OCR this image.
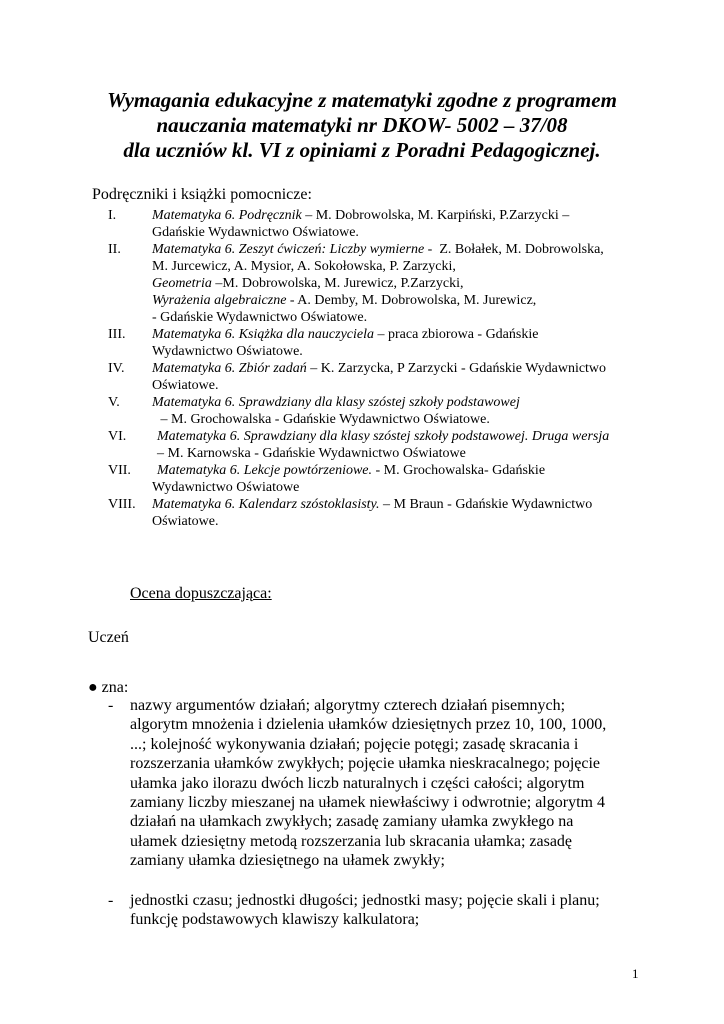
Wymagania edukacyjne z matematyki zgodne z programem
nauczania matematyki nr DKOW- 5002 – 37/08
dla uczniów kl. VI z opiniami z Poradni Pedagogicznej.
Podręczniki i książki pomocnicze:
I.	Matematyka 6. Podręcznik – M. Dobrowolska, M. Karpiński, P.Zarzycki –
Gdańskie Wydawnictwo Oświatowe.
II.	Matematyka 6. Zeszyt ćwiczeń: Liczby wymierne -  Z. Bołałek, M. Dobrowolska,
M. Jurcewicz, A. Mysior, A. Sokołowska, P. Zarzycki,
Geometria –M. Dobrowolska, M. Jurewicz, P.Zarzycki,
Wyrażenia algebraiczne - A. Demby, M. Dobrowolska, M. Jurewicz,
- Gdańskie Wydawnictwo Oświatowe.
III.	Matematyka 6. Książka dla nauczyciela – praca zbiorowa - Gdańskie
Wydawnictwo Oświatowe.
IV.	Matematyka 6. Zbiór zadań – K. Zarzycka, P Zarzycki - Gdańskie Wydawnictwo
Oświatowe.
V.	Matematyka 6. Sprawdziany dla klasy szóstej szkoły podstawowej
– M. Grochowalska - Gdańskie Wydawnictwo Oświatowe.
VI.	Matematyka 6. Sprawdziany dla klasy szóstej szkoły podstawowej. Druga wersja
– M. Karnowska - Gdańskie Wydawnictwo Oświatowe
VII.	Matematyka 6. Lekcje powtórzeniowe. - M. Grochowalska- Gdańskie
Wydawnictwo Oświatowe
VIII.	Matematyka 6. Kalendarz szóstoklasisty. – M Braun - Gdańskie Wydawnictwo
Oświatowe.
Ocena dopuszczająca:
Uczeń
● zna:
-	nazwy argumentów działań; algorytmy czterech działań pisemnych;
algorytm mnożenia i dzielenia ułamków dziesiętnych przez 10, 100, 1000,
...; kolejność wykonywania działań; pojęcie potęgi; zasadę skracania i
rozszerzania ułamków zwykłych; pojęcie ułamka nieskracalnego; pojęcie
ułamka jako ilorazu dwóch liczb naturalnych i części całości; algorytm
zamiany liczby mieszanej na ułamek niewłaściwy i odwrotnie; algorytm 4
działań na ułamkach zwykłych; zasadę zamiany ułamka zwykłego na
ułamek dziesiętny metodą rozszerzania lub skracania ułamka; zasadę
zamiany ułamka dziesiętnego na ułamek zwykły;
-	jednostki czasu; jednostki długości; jednostki masy; pojęcie skali i planu;
funkcję podstawowych klawiszy kalkulatora;
1
